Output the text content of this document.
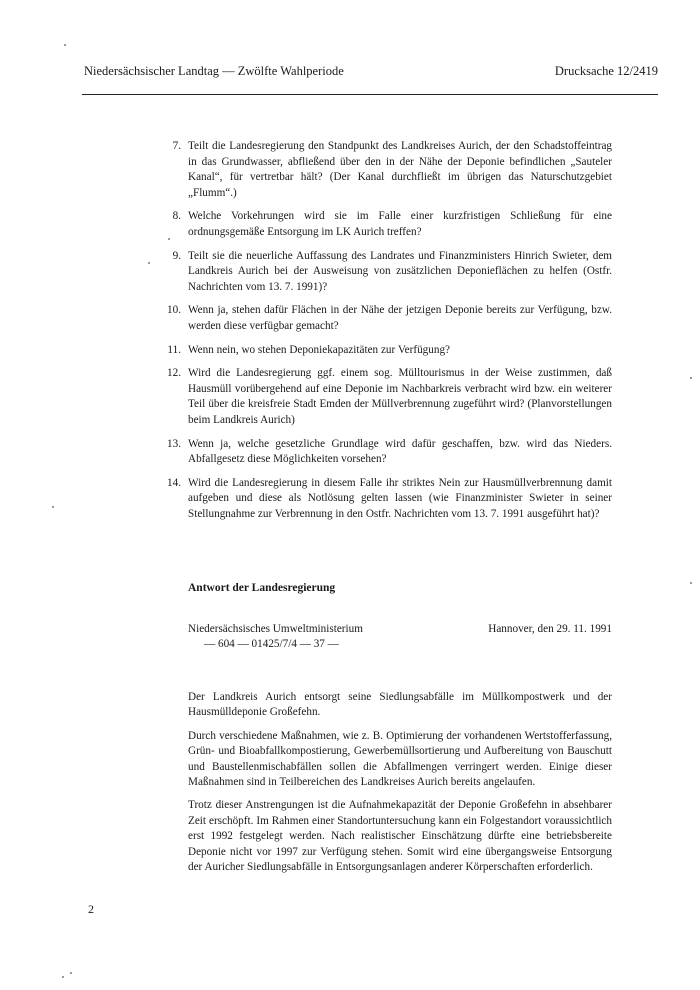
Niedersächsischer Landtag — Zwölfte Wahlperiode	Drucksache 12/2419
7. Teilt die Landesregierung den Standpunkt des Landkreises Aurich, der den Schadstoffeintrag in das Grundwasser, abfließend über den in der Nähe der Deponie befindlichen „Sauteler Kanal“, für vertretbar hält? (Der Kanal durchfließt im übrigen das Naturschutzgebiet „Flumm“.)
8. Welche Vorkehrungen wird sie im Falle einer kurzfristigen Schließung für eine ordnungsgemäße Entsorgung im LK Aurich treffen?
9. Teilt sie die neuerliche Auffassung des Landrates und Finanzministers Hinrich Swieter, dem Landkreis Aurich bei der Ausweisung von zusätzlichen Deponieflächen zu helfen (Ostfr. Nachrichten vom 13. 7. 1991)?
10. Wenn ja, stehen dafür Flächen in der Nähe der jetzigen Deponie bereits zur Verfügung, bzw. werden diese verfügbar gemacht?
11. Wenn nein, wo stehen Deponiekapazitäten zur Verfügung?
12. Wird die Landesregierung ggf. einem sog. Mülltourismus in der Weise zustimmen, daß Hausmüll vorübergehend auf eine Deponie im Nachbarkreis verbracht wird bzw. ein weiterer Teil über die kreisfreie Stadt Emden der Müllverbrennung zugeführt wird? (Planvorstellungen beim Landkreis Aurich)
13. Wenn ja, welche gesetzliche Grundlage wird dafür geschaffen, bzw. wird das Nieders. Abfallgesetz diese Möglichkeiten vorsehen?
14. Wird die Landesregierung in diesem Falle ihr striktes Nein zur Hausmüllverbrennung damit aufgeben und diese als Notlösung gelten lassen (wie Finanzminister Swieter in seiner Stellungnahme zur Verbrennung in den Ostfr. Nachrichten vom 13. 7. 1991 ausgeführt hat)?
Antwort der Landesregierung
Niedersächsisches Umweltministerium	Hannover, den 29. 11. 1991
— 604 — 01425/7/4 — 37 —

Der Landkreis Aurich entsorgt seine Siedlungsabfälle im Müllkompostwerk und der Hausmülldeponie Großefehn.

Durch verschiedene Maßnahmen, wie z. B. Optimierung der vorhandenen Wertstofferfassung, Grün- und Bioabfallkompostierung, Gewerbemüllsortierung und Aufbereitung von Bauschutt und Baustellenmischabfällen sollen die Abfallmengen verringert werden. Einige dieser Maßnahmen sind in Teilbereichen des Landkreises Aurich bereits angelaufen.

Trotz dieser Anstrengungen ist die Aufnahmekapazität der Deponie Großefehn in absehbarer Zeit erschöpft. Im Rahmen einer Standortuntersuchung kann ein Folgestandort voraussichtlich erst 1992 festgelegt werden. Nach realistischer Einschätzung dürfte eine betriebsbereite Deponie nicht vor 1997 zur Verfügung stehen. Somit wird eine übergangsweise Entsorgung der Auricher Siedlungsabfälle in Entsorgungsanlagen anderer Körperschaften erforderlich.

2
